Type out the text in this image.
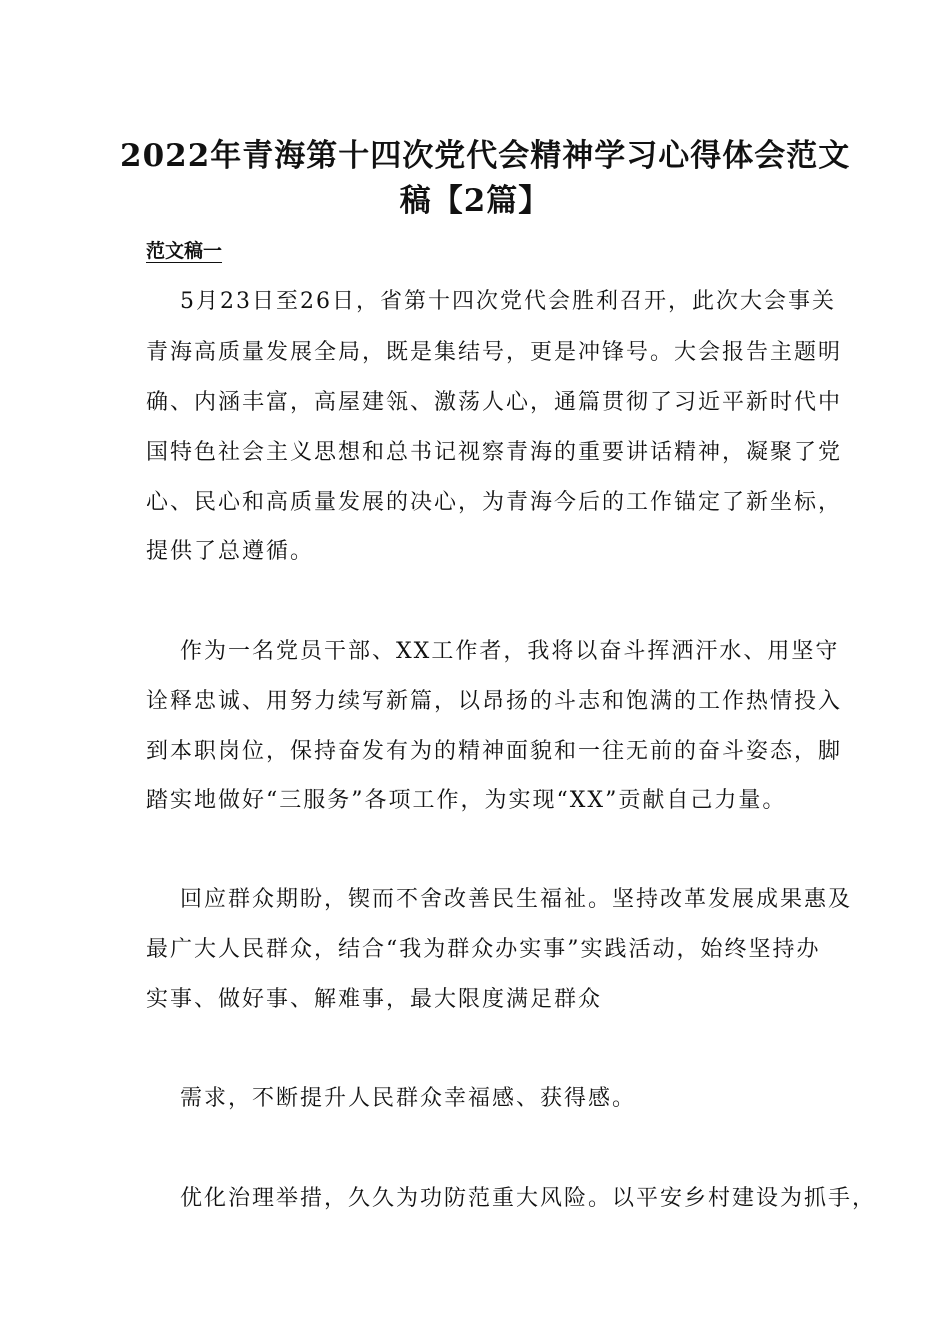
2022年青海第十四次党代会精神学习心得体会范文
稿【2篇】
范文稿一
5月23日至26日，省第十四次党代会胜利召开，此次大会事关
青海高质量发展全局，既是集结号，更是冲锋号。大会报告主题明
确、内涵丰富，高屋建瓴、激荡人心，通篇贯彻了习近平新时代中
国特色社会主义思想和总书记视察青海的重要讲话精神，凝聚了党
心、民心和高质量发展的决心，为青海今后的工作锚定了新坐标，
提供了总遵循。
作为一名党员干部、XX工作者，我将以奋斗挥洒汗水、用坚守
诠释忠诚、用努力续写新篇，以昂扬的斗志和饱满的工作热情投入
到本职岗位，保持奋发有为的精神面貌和一往无前的奋斗姿态，脚
踏实地做好“三服务”各项工作，为实现“XX”贡献自己力量。
回应群众期盼，锲而不舍改善民生福祉。坚持改革发展成果惠及
最广大人民群众，结合“我为群众办实事”实践活动，始终坚持办
实事、做好事、解难事，最大限度满足群众
需求，不断提升人民群众幸福感、获得感。
优化治理举措，久久为功防范重大风险。以平安乡村建设为抓手，
